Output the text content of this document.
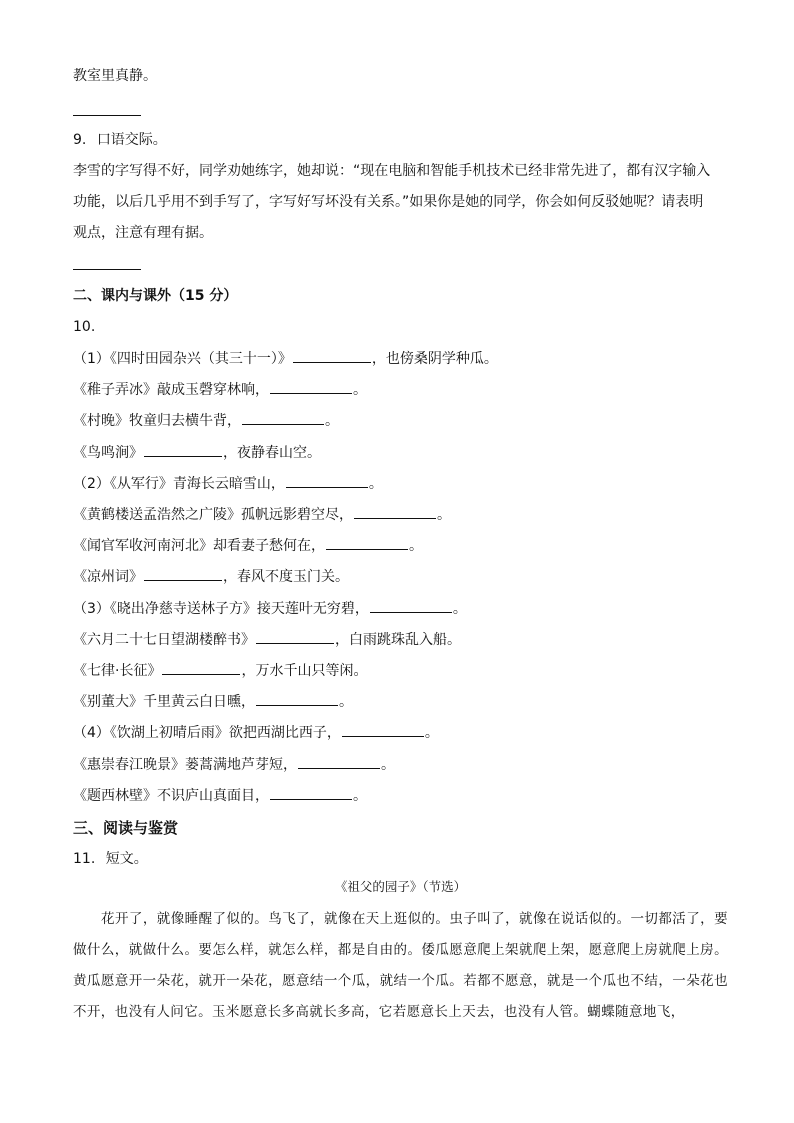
教室里真静。
9. 口语交际。
李雪的字写得不好，同学劝她练字，她却说：“现在电脑和智能手机技术已经非常先进了，都有汉字输入
功能，以后几乎用不到手写了，字写好写坏没有关系。”如果你是她的同学，你会如何反驳她呢？请表明
观点，注意有理有据。
二、课内与课外（15 分）
10.
（1）《四时田园杂兴（其三十一）》	，也傍桑阴学种瓜。
《稚子弄冰》敲成玉磬穿林响，	。
《村晚》牧童归去横牛背，	。
《鸟鸣涧》	，夜静春山空。
（2）《从军行》青海长云暗雪山，	。
《黄鹤楼送孟浩然之广陵》孤帆远影碧空尽，	。
《闻官军收河南河北》却看妻子愁何在，	。
《凉州词》	，春风不度玉门关。
（3）《晓出净慈寺送林子方》接天莲叶无穷碧，	。
《六月二十七日望湖楼醉书》	，白雨跳珠乱入船。
《七律·长征》	，万水千山只等闲。
《别董大》千里黄云白日曛，	。
（4）《饮湖上初晴后雨》欲把西湖比西子，	。
《惠崇春江晚景》蒌蒿满地芦芽短，	。
《题西林壁》不识庐山真面目，	。
三、阅读与鉴赏
11. 短文。
《祖父的园子》（节选）
花开了，就像睡醒了似的。鸟飞了，就像在天上逛似的。虫子叫了，就像在说话似的。一切都活了，要做什么，就做什么。要怎么样，就怎么样，都是自由的。倭瓜愿意爬上架就爬上架，愿意爬上房就爬上房。黄瓜愿意开一朵花，就开一朵花，愿意结一个瓜，就结一个瓜。若都不愿意，就是一个瓜也不结，一朵花也不开，也没有人问它。玉米愿意长多高就长多高，它若愿意长上天去，也没有人管。蝴蝶随意地飞，
